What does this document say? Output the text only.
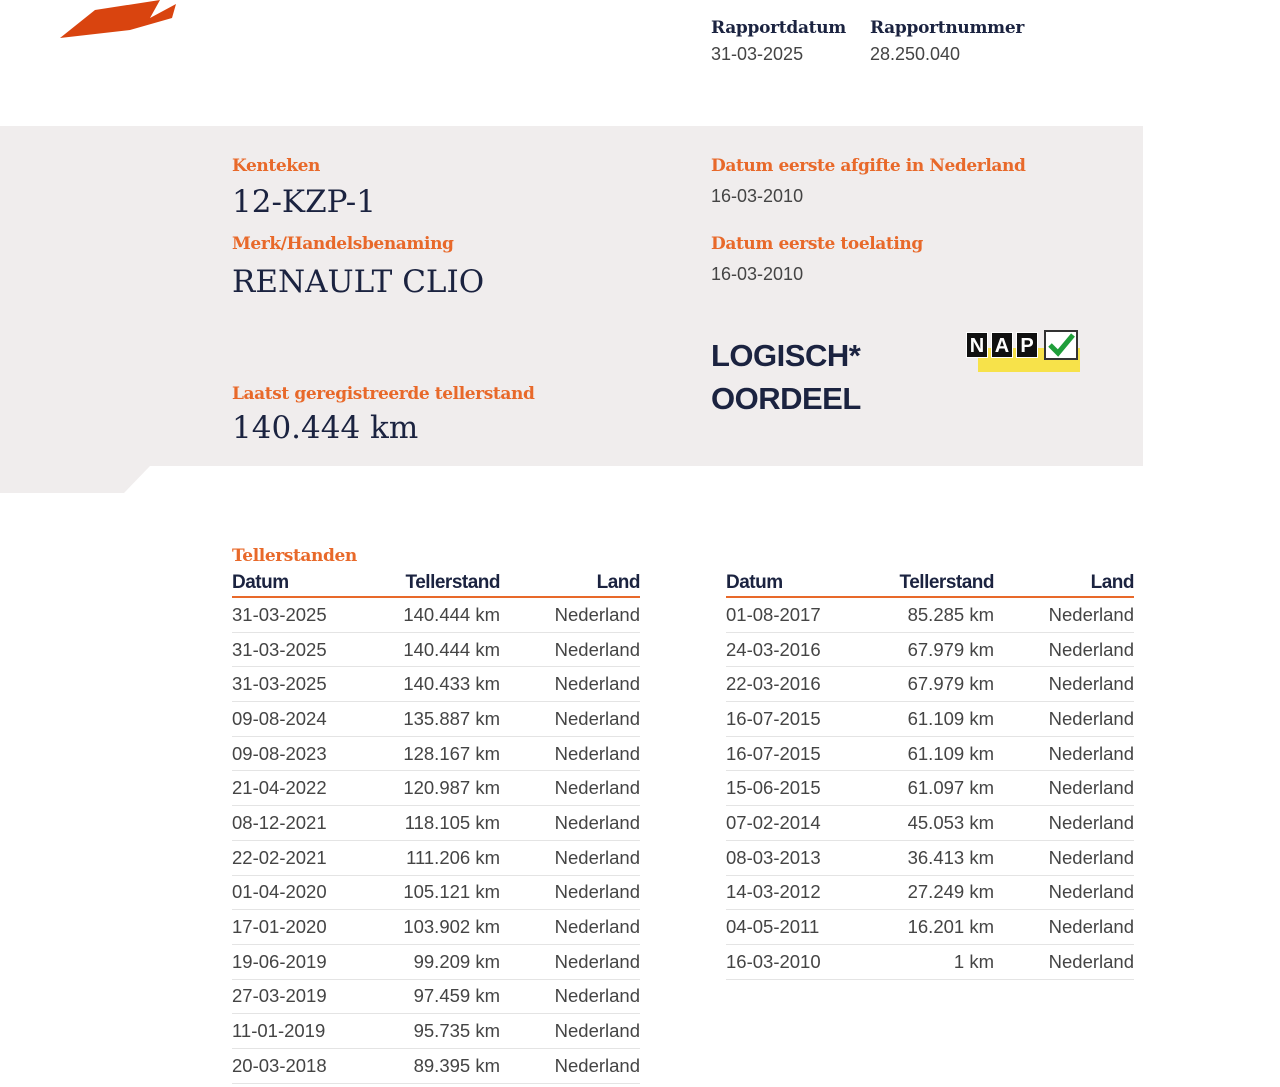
Rapportdatum
31-03-2025
Rapportnummer
28.250.040
Kenteken
12-KZP-1
Merk/Handelsbenaming
RENAULT CLIO
Laatst geregistreerde tellerstand
140.444 km
Datum eerste afgifte in Nederland
16-03-2010
Datum eerste toelating
16-03-2010
LOGISCH*
OORDEEL
N A P
Tellerstanden
Datum	Tellerstand	Land
31-03-2025	140.444 km	Nederland
31-03-2025	140.444 km	Nederland
31-03-2025	140.433 km	Nederland
09-08-2024	135.887 km	Nederland
09-08-2023	128.167 km	Nederland
21-04-2022	120.987 km	Nederland
08-12-2021	118.105 km	Nederland
22-02-2021	111.206 km	Nederland
01-04-2020	105.121 km	Nederland
17-01-2020	103.902 km	Nederland
19-06-2019	99.209 km	Nederland
27-03-2019	97.459 km	Nederland
11-01-2019	95.735 km	Nederland
20-03-2018	89.395 km	Nederland
Datum	Tellerstand	Land
01-08-2017	85.285 km	Nederland
24-03-2016	67.979 km	Nederland
22-03-2016	67.979 km	Nederland
16-07-2015	61.109 km	Nederland
16-07-2015	61.109 km	Nederland
15-06-2015	61.097 km	Nederland
07-02-2014	45.053 km	Nederland
08-03-2013	36.413 km	Nederland
14-03-2012	27.249 km	Nederland
04-05-2011	16.201 km	Nederland
16-03-2010	1 km	Nederland
